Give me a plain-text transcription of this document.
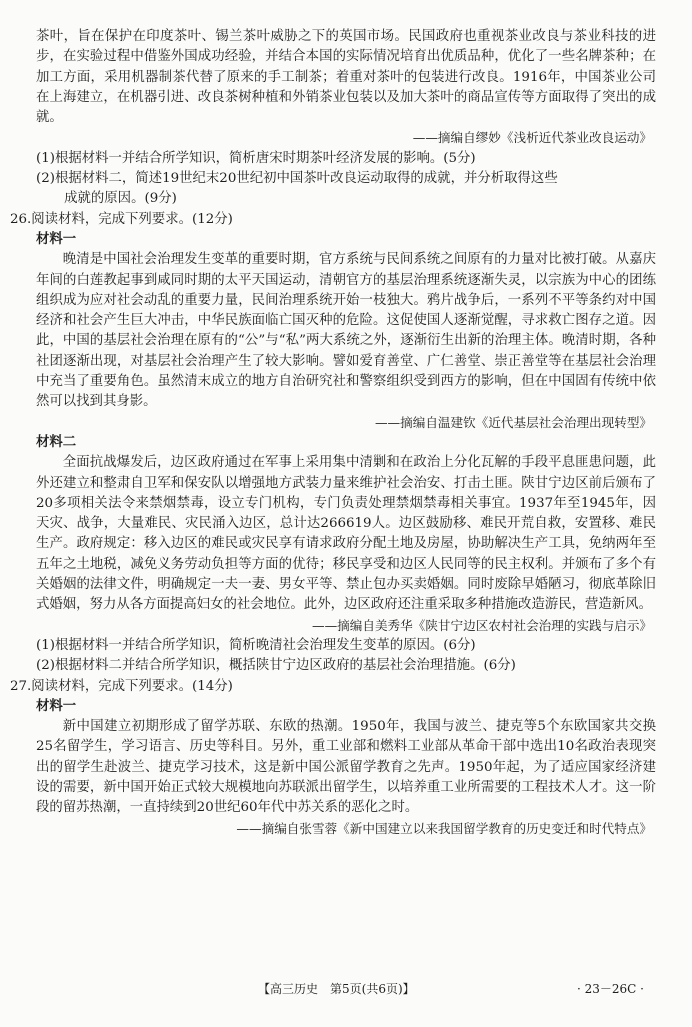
茶叶，旨在保护在印度茶叶、锡兰茶叶威胁之下的英国市场。民国政府也重视茶业改良与茶业科技的进步，在实验过程中借鉴外国成功经验，并结合本国的实际情况培育出优质品种，优化了一些名牌茶种；在加工方面，采用机器制茶代替了原来的手工制茶；着重对茶叶的包装进行改良。1916年，中国茶业公司在上海建立，在机器引进、改良茶树种植和外销茶业包装以及加大茶叶的商品宣传等方面取得了突出的成就。

——摘编自缪妙《浅析近代茶业改良运动》

(1)根据材料一并结合所学知识，简析唐宋时期茶叶经济发展的影响。(5分)

(2)根据材料二，简述19世纪末20世纪初中国茶叶改良运动取得的成就，并分析取得这些

成就的原因。(9分)

26.阅读材料，完成下列要求。(12分)

材料一

晚清是中国社会治理发生变革的重要时期，官方系统与民间系统之间原有的力量对比被打破。从嘉庆年间的白莲教起事到咸同时期的太平天国运动，清朝官方的基层治理系统逐渐失灵，以宗族为中心的团练组织成为应对社会动乱的重要力量，民间治理系统开始一枝独大。鸦片战争后，一系列不平等条约对中国经济和社会产生巨大冲击，中华民族面临亡国灭种的危险。这促使国人逐渐觉醒，寻求救亡图存之道。因此，中国的基层社会治理在原有的“公”与“私”两大系统之外，逐渐衍生出新的治理主体。晚清时期，各种社团逐渐出现，对基层社会治理产生了较大影响。譬如爱育善堂、广仁善堂、崇正善堂等在基层社会治理中充当了重要角色。虽然清末成立的地方自治研究社和警察组织受到西方的影响，但在中国固有传统中依然可以找到其身影。

——摘编自温建钦《近代基层社会治理出现转型》

材料二

全面抗战爆发后，边区政府通过在军事上采用集中清剿和在政治上分化瓦解的手段平息匪患问题，此外还建立和整肃自卫军和保安队以增强地方武装力量来维护社会治安、打击土匪。陕甘宁边区前后颁布了20多项相关法令来禁烟禁毒，设立专门机构，专门负责处理禁烟禁毒相关事宜。1937年至1945年，因天灾、战争，大量难民、灾民涌入边区，总计达266619人。边区鼓励移、难民开荒自救，安置移、难民生产。政府规定：移入边区的难民或灾民享有请求政府分配土地及房屋，协助解决生产工具，免纳两年至五年之土地税，减免义务劳动负担等方面的优待；移民享受和边区人民同等的民主权利。并颁布了多个有关婚姻的法律文件，明确规定一夫一妻、男女平等、禁止包办买卖婚姻。同时废除早婚陋习，彻底革除旧式婚姻，努力从各方面提高妇女的社会地位。此外，边区政府还注重采取多种措施改造游民，营造新风。

——摘编自美秀华《陕甘宁边区农村社会治理的实践与启示》

(1)根据材料一并结合所学知识，简析晚清社会治理发生变革的原因。(6分)

(2)根据材料二并结合所学知识，概括陕甘宁边区政府的基层社会治理措施。(6分)

27.阅读材料，完成下列要求。(14分)

材料一

新中国建立初期形成了留学苏联、东欧的热潮。1950年，我国与波兰、捷克等5个东欧国家共交换25名留学生，学习语言、历史等科目。另外，重工业部和燃料工业部从革命干部中选出10名政治表现突出的留学生赴波兰、捷克学习技术，这是新中国公派留学教育之先声。1950年起，为了适应国家经济建设的需要，新中国开始正式较大规模地向苏联派出留学生，以培养重工业所需要的工程技术人才。这一阶段的留苏热潮，一直持续到20世纪60年代中苏关系的恶化之时。

——摘编自张雪蓉《新中国建立以来我国留学教育的历史变迁和时代特点》

【高三历史　第5页(共6页)】	· 23－26C ·
